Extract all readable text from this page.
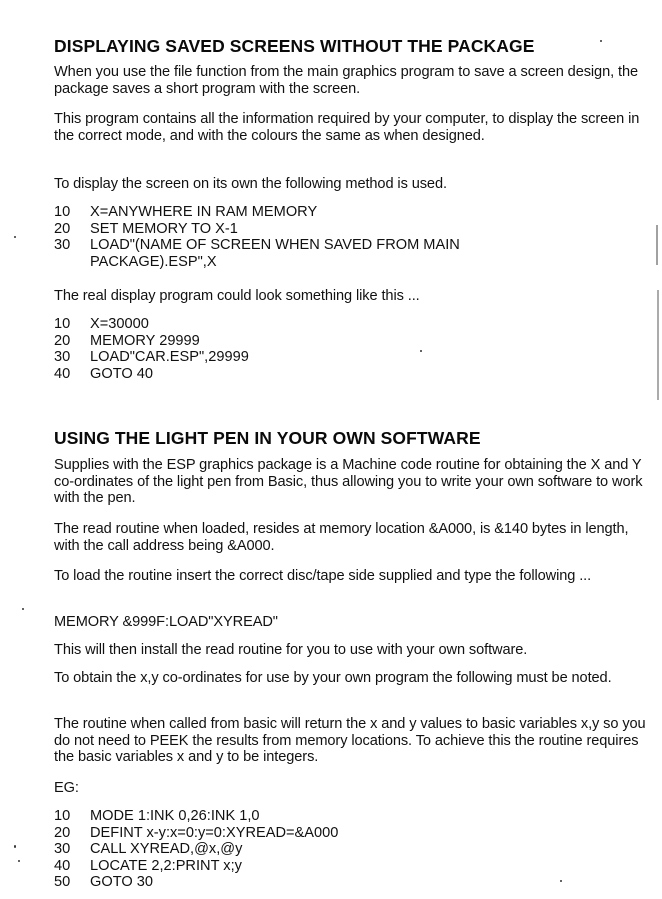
DISPLAYING SAVED SCREENS WITHOUT THE PACKAGE

When you use the file function from the main graphics program to save a screen design, the package saves a short program with the screen.

This program contains all the information required by your computer, to display the screen in the correct mode, and with the colours the same as when designed.

To display the screen on its own the following method is used.

10 X=ANYWHERE IN RAM MEMORY
20 SET MEMORY TO X-1
30 LOAD"(NAME OF SCREEN WHEN SAVED FROM MAIN
PACKAGE).ESP",X

The real display program could look something like this ...

10 X=30000
20 MEMORY 29999
30 LOAD"CAR.ESP",29999
40 GOTO 40
USING THE LIGHT PEN IN YOUR OWN SOFTWARE

Supplies with the ESP graphics package is a Machine code routine for obtaining the X and Y co-ordinates of the light pen from Basic, thus allowing you to write your own software to work with the pen.

The read routine when loaded, resides at memory location &A000, is &140 bytes in length, with the call address being &A000.

To load the routine insert the correct disc/tape side supplied and type the following ...

MEMORY &999F:LOAD"XYREAD"

This will then install the read routine for you to use with your own software.

To obtain the x,y co-ordinates for use by your own program the following must be noted.

The routine when called from basic will return the x and y values to basic variables x,y so you do not need to PEEK the results from memory locations. To achieve this the routine requires the basic variables x and y to be integers.

EG:

10 MODE 1:INK 0,26:INK 1,0
20 DEFINT x-y:x=0:y=0:XYREAD=&A000
30 CALL XYREAD,@x,@y
40 LOCATE 2,2:PRINT x;y
50 GOTO 30
